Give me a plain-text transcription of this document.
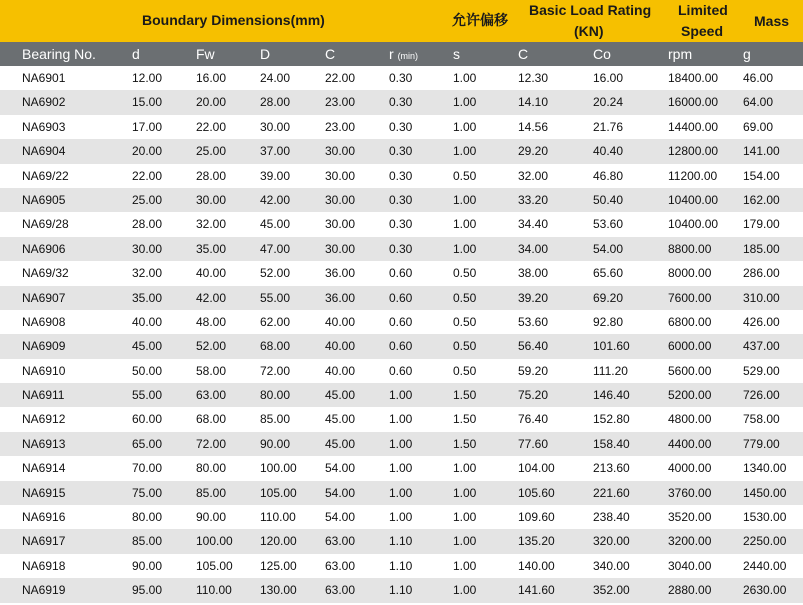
Boundary Dimensions(mm)	允许偏移
Basic Load Rating
(KN)
Limited
Speed
Mass
Bearing No.	d	Fw	D	C	r (min) s	C	Co	rpm	g
NA6901	12.00	16.00	24.00	22.00	0.30	1.00	12.30	16.00	18400.00 46.00
NA6902	15.00	20.00	28.00	23.00	0.30	1.00	14.10	20.24	16000.00 64.00
NA6903	17.00	22.00	30.00	23.00	0.30	1.00	14.56	21.76	14400.00 69.00
NA6904	20.00	25.00	37.00	30.00	0.30	1.00	29.20	40.40	12800.00 141.00
NA69/22	22.00	28.00	39.00	30.00	0.30	0.50	32.00	46.80	11200.00 154.00
NA6905	25.00	30.00	42.00	30.00	0.30	1.00	33.20	50.40	10400.00 162.00
NA69/28	28.00	32.00	45.00	30.00	0.30	1.00	34.40	53.60	10400.00 179.00
NA6906	30.00	35.00	47.00	30.00	0.30	1.00	34.00	54.00	8800.00	185.00
NA69/32	32.00	40.00	52.00	36.00	0.60	0.50	38.00	65.60	8000.00	286.00
NA6907	35.00	42.00	55.00	36.00	0.60	0.50	39.20	69.20	7600.00	310.00
NA6908	40.00	48.00	62.00	40.00	0.60	0.50	53.60	92.80	6800.00	426.00
NA6909	45.00	52.00	68.00	40.00	0.60	0.50	56.40	101.60	6000.00	437.00
NA6910	50.00	58.00	72.00	40.00	0.60	0.50	59.20	111.20	5600.00	529.00
NA6911	55.00	63.00	80.00	45.00	1.00	1.50	75.20	146.40	5200.00	726.00
NA6912	60.00	68.00	85.00	45.00	1.00	1.50	76.40	152.80	4800.00	758.00
NA6913	65.00	72.00	90.00	45.00	1.00	1.50	77.60	158.40	4400.00	779.00
NA6914	70.00	80.00	100.00 54.00	1.00	1.00	104.00	213.60	4000.00	1340.00
NA6915	75.00	85.00	105.00 54.00	1.00	1.00	105.60	221.60	3760.00	1450.00
NA6916	80.00	90.00	110.00 54.00	1.00	1.00	109.60	238.40	3520.00	1530.00
NA6917	85.00	100.00 120.00 63.00	1.10	1.00	135.20	320.00	3200.00	2250.00
NA6918	90.00	105.00 125.00 63.00	1.10	1.00	140.00	340.00	3040.00	2440.00
NA6919	95.00	110.00 130.00 63.00	1.10	1.00	141.60	352.00	2880.00	2630.00
